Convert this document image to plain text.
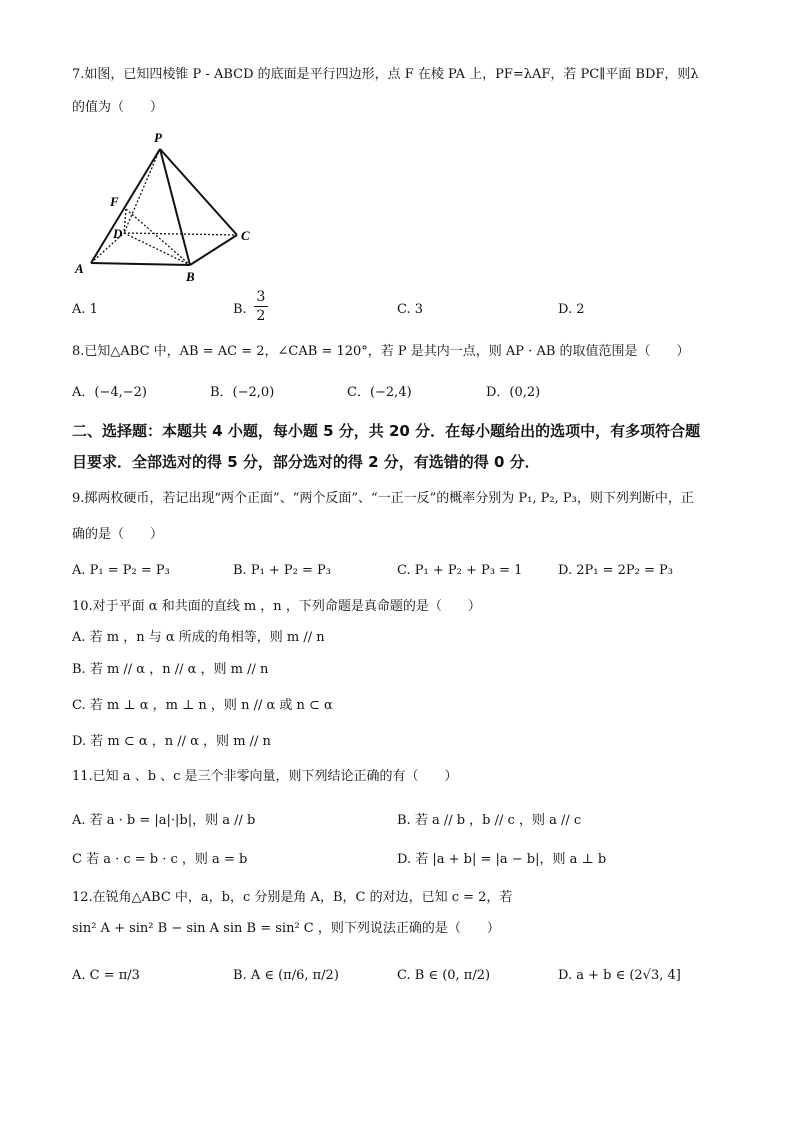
7.如图，已知四棱锥 P - ABCD 的底面是平行四边形，点 F 在棱 PA 上，PF=λAF，若 PC∥平面 BDF，则λ
的值为（　　）
P
F
D	C
A
B
A. 1	B.
3
2	C. 3	D. 2
8.已知△ABC 中，AB = AC = 2，∠CAB = 120°，若 P 是其内一点，则 AP · AB 的取值范围是（　　）
A．(−4,−2)	B．(−2,0)	C．(−2,4)	D．(0,2)
二、选择题：本题共 4 小题，每小题 5 分，共 20 分．在每小题给出的选项中，有多项符合题
目要求．全部选对的得 5 分，部分选对的得 2 分，有选错的得 0 分．
9.掷两枚硬币，若记出现“两个正面”、“两个反面”、“一正一反”的概率分别为 P₁, P₂, P₃，则下列判断中，正
确的是（　　）
A. P₁ = P₂ = P₃	B. P₁ + P₂ = P₃	C. P₁ + P₂ + P₃ = 1	D. 2P₁ = 2P₂ = P₃
10.对于平面 α 和共面的直线 m ，n ，下列命题是真命题的是（　　）
A. 若 m ，n 与 α 所成的角相等，则 m // n
B. 若 m // α ，n // α ，则 m // n
C. 若 m ⊥ α ，m ⊥ n ，则 n // α 或 n ⊂ α
D. 若 m ⊂ α ，n // α ，则 m // n
11.已知 a 、b 、c 是三个非零向量，则下列结论正确的有（　　）
A. 若 a · b = |a|·|b|，则 a // b	B. 若 a // b ，b // c ，则 a // c
C 若 a · c = b · c ，则 a = b	D. 若 |a + b| = |a − b|，则 a ⊥ b
12.在锐角△ABC 中，a，b，c 分别是角 A，B，C 的对边，已知 c = 2，若
sin² A + sin² B − sin A sin B = sin² C ，则下列说法正确的是（　　）
A. C = π/3	B. A ∈ (π/6, π/2)	C. B ∈ (0, π/2)	D. a + b ∈ (2√3, 4]
